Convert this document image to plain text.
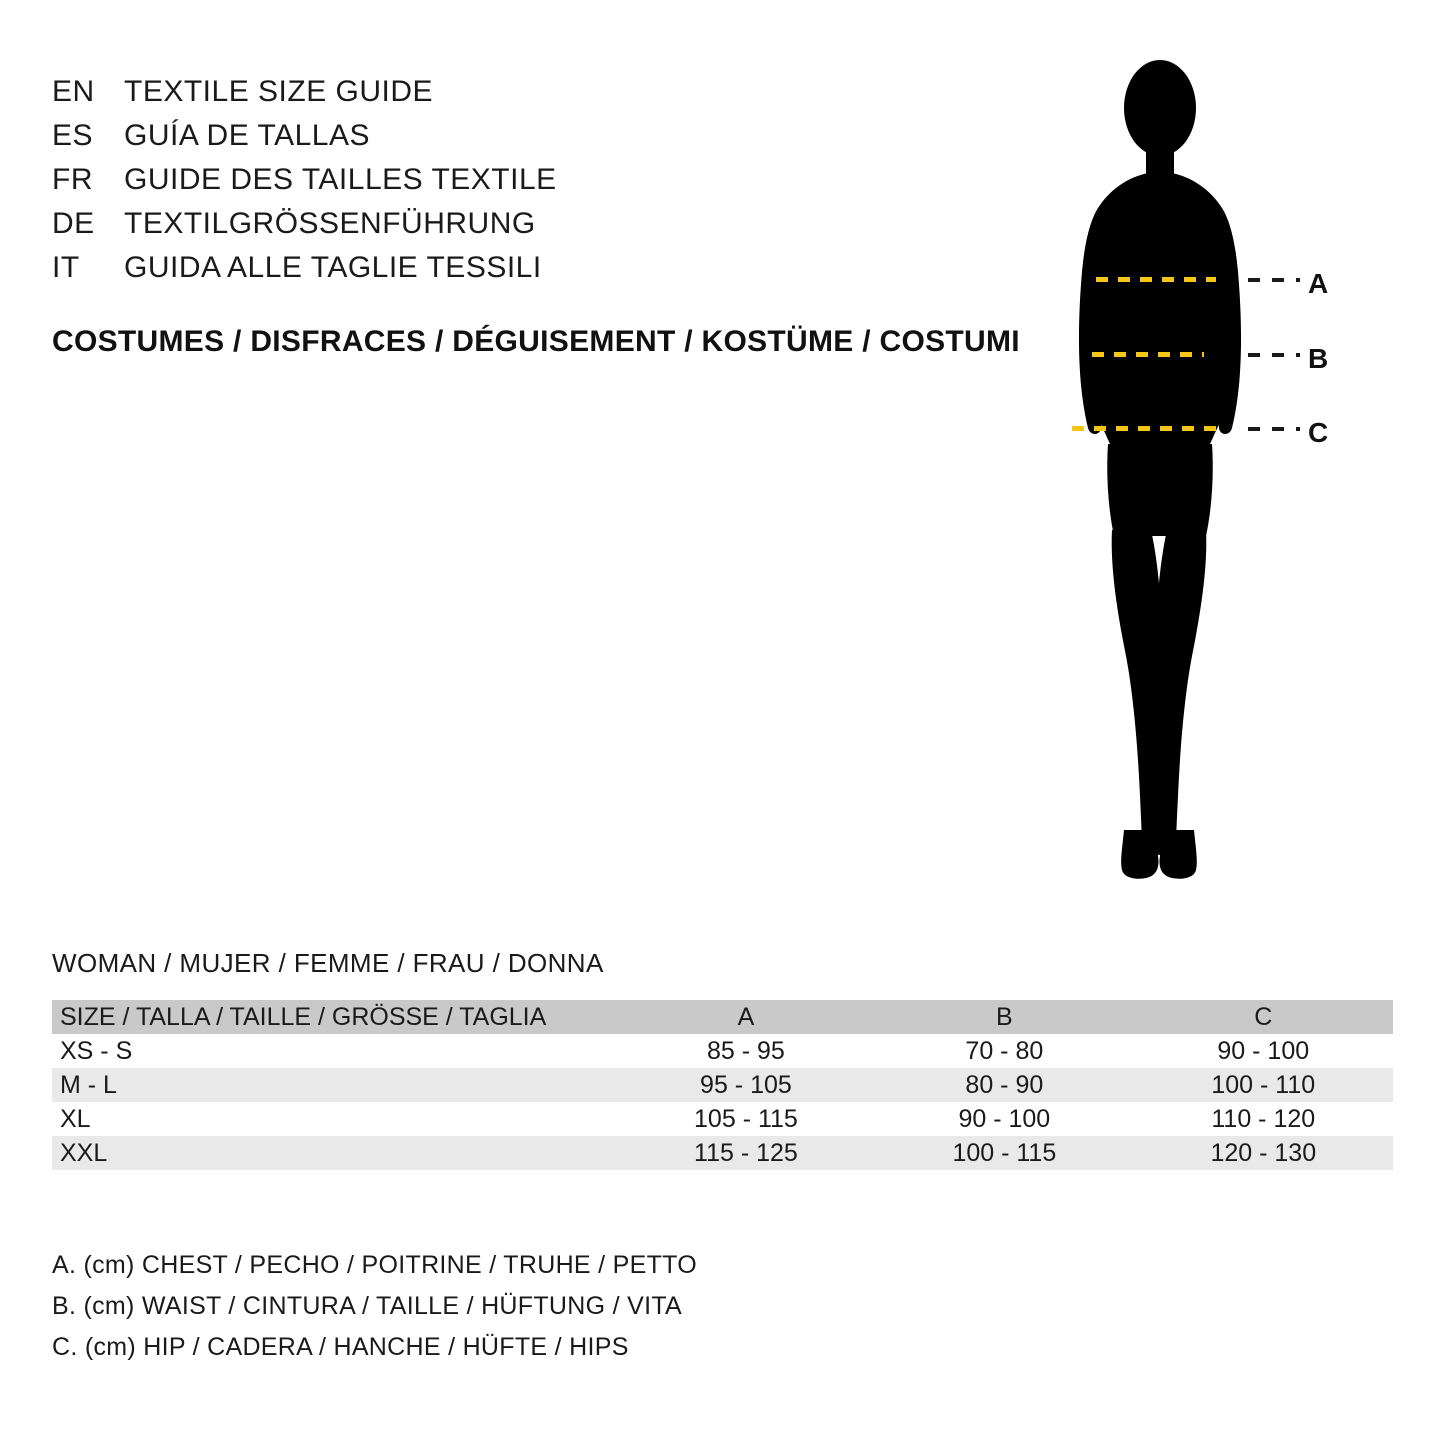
EN TEXTILE SIZE GUIDE
ES	GUÍA DE TALLAS
FR	GUIDE DES TAILLES TEXTILE
DE TEXTILGRÖSSENFÜHRUNG
IT	GUIDA ALLE TAGLIE TESSILI
COSTUMES / DISFRACES / DÉGUISEMENT / KOSTÜME / COSTUMI
A
B
C
WOMAN / MUJER / FEMME / FRAU / DONNA
SIZE / TALLA / TAILLE / GRÖSSE / TAGLIA	A	B	C
XS - S	85 - 95	70 - 80	90 - 100
M - L	95 - 105	80 - 90	100 - 110
XL	105 - 115	90 - 100	110 - 120
XXL	115 - 125	100 - 115	120 - 130
A. (cm) CHEST / PECHO / POITRINE / TRUHE / PETTO
B. (cm) WAIST / CINTURA / TAILLE / HÜFTUNG / VITA
C. (cm) HIP / CADERA / HANCHE / HÜFTE / HIPS
